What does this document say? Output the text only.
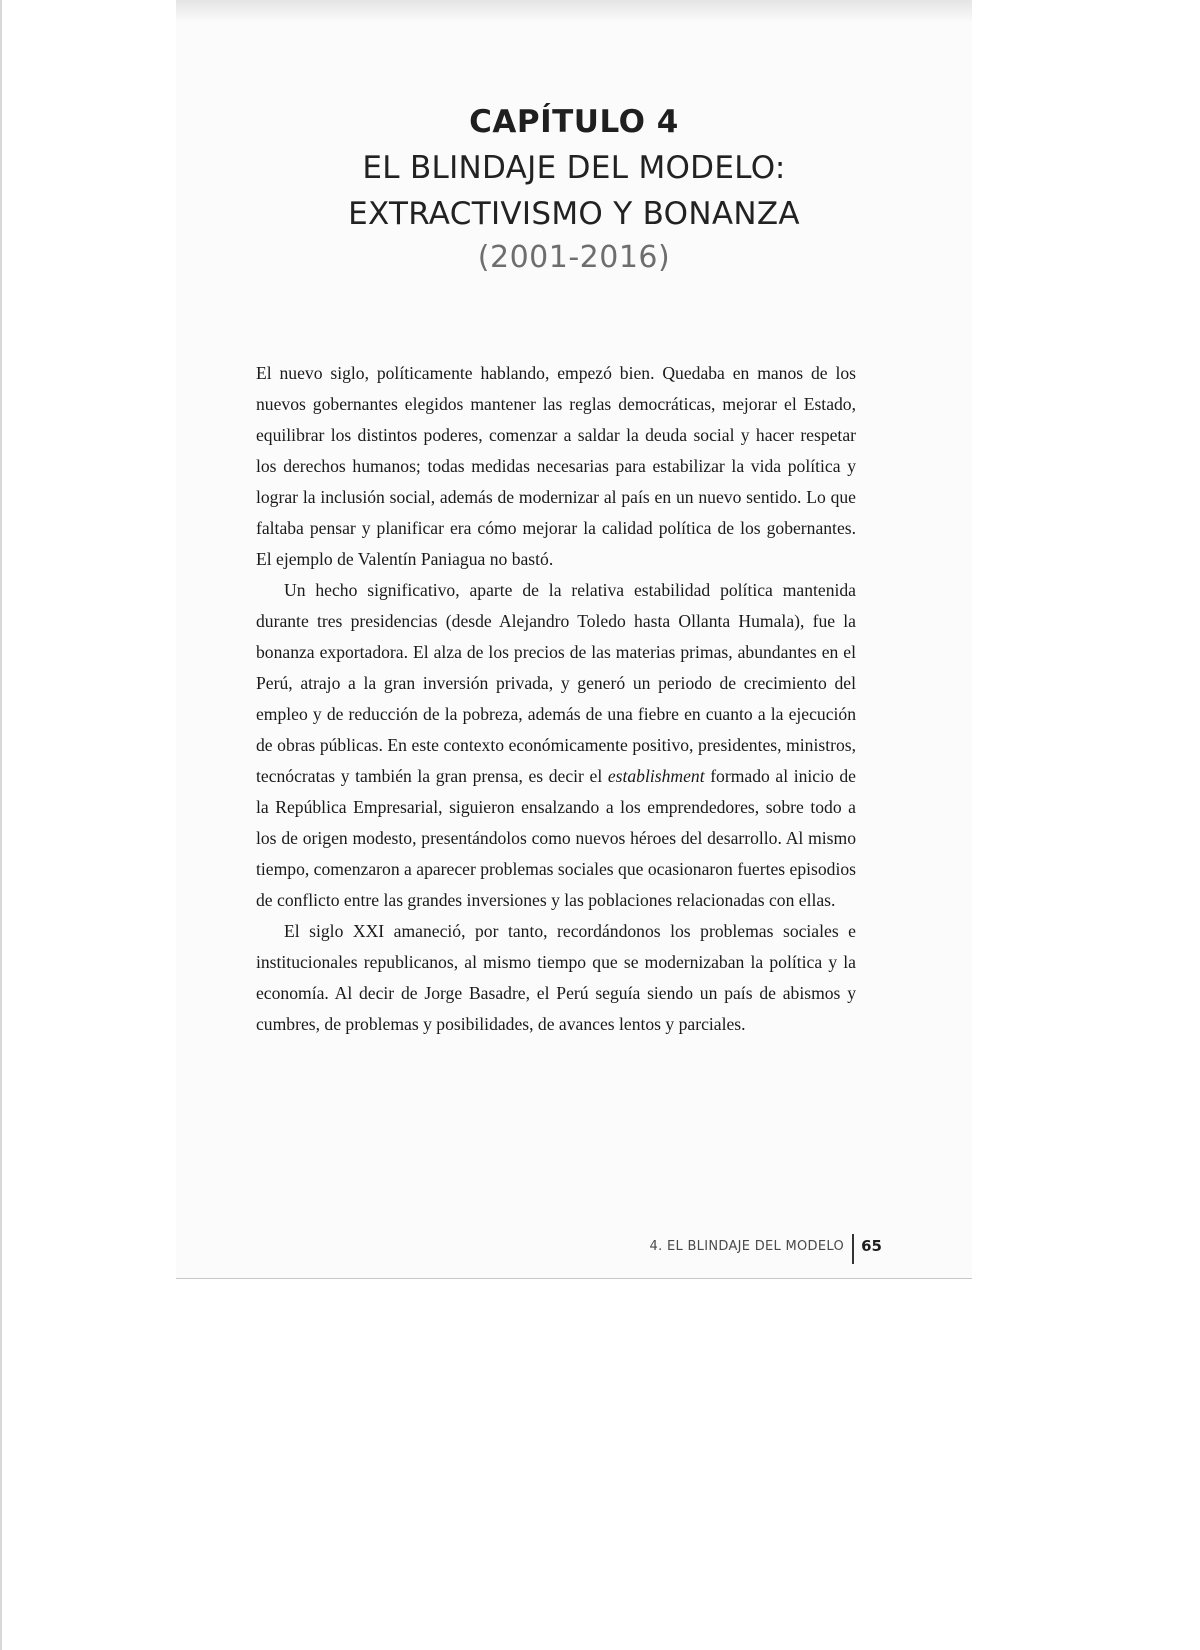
CAPÍTULO 4
EL BLINDAJE DEL MODELO:
EXTRACTIVISMO Y BONANZA
(2001-2016)

El nuevo siglo, políticamente hablando, empezó bien. Quedaba en manos de los nuevos gobernantes elegidos mantener las reglas democráticas, mejorar el Estado, equilibrar los distintos poderes, comenzar a saldar la deuda social y hacer respetar los derechos humanos; todas medidas necesarias para estabilizar la vida política y lograr la inclusión social, además de modernizar al país en un nuevo sentido. Lo que faltaba pensar y planificar era cómo mejorar la calidad política de los gobernantes. El ejemplo de Valentín Paniagua no bastó.

Un hecho significativo, aparte de la relativa estabilidad política mantenida durante tres presidencias (desde Alejandro Toledo hasta Ollanta Humala), fue la bonanza exportadora. El alza de los precios de las materias primas, abundantes en el Perú, atrajo a la gran inversión privada, y generó un periodo de crecimiento del empleo y de reducción de la pobreza, además de una fiebre en cuanto a la ejecución de obras públicas. En este contexto económicamente positivo, presidentes, ministros, tecnócratas y también la gran prensa, es decir el establishment formado al inicio de la República Empresarial, siguieron ensalzando a los emprendedores, sobre todo a los de origen modesto, presentándolos como nuevos héroes del desarrollo. Al mismo tiempo, comenzaron a aparecer problemas sociales que ocasionaron fuertes episodios de conflicto entre las grandes inversiones y las poblaciones relacionadas con ellas.

El siglo XXI amaneció, por tanto, recordándonos los problemas sociales e institucionales republicanos, al mismo tiempo que se modernizaban la política y la economía. Al decir de Jorge Basadre, el Perú seguía siendo un país de abismos y cumbres, de problemas y posibilidades, de avances lentos y parciales.

4. EL BLINDAJE DEL MODELO 65
